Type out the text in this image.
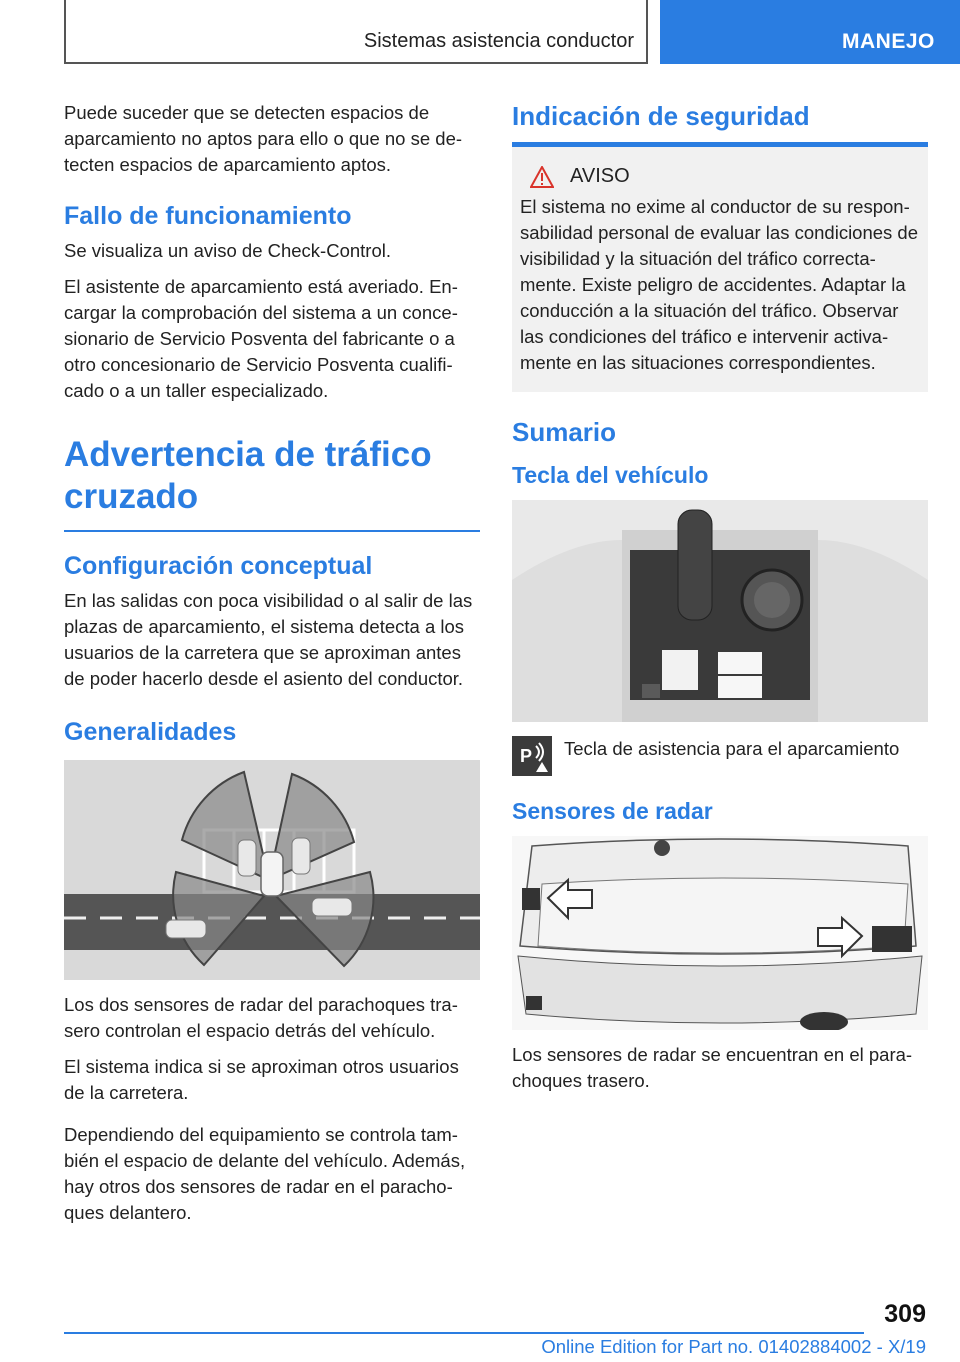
Sistemas asistencia conductor	MANEJO

Puede suceder que se detecten espacios de aparcamiento no aptos para ello o que no se detecten espacios de aparcamiento aptos.

Fallo de funcionamiento

Se visualiza un aviso de Check-Control.

El asistente de aparcamiento está averiado. Encargar la comprobación del sistema a un concesionario de Servicio Posventa del fabricante o a otro concesionario de Servicio Posventa cualificado o a un taller especializado.

Advertencia de tráfico cruzado
Configuración conceptual

En las salidas con poca visibilidad o al salir de las plazas de aparcamiento, el sistema detecta a los usuarios de la carretera que se aproximan antes de poder hacerlo desde el asiento del conductor.

Generalidades

Los dos sensores de radar del parachoques trasero controlan el espacio detrás del vehículo.

El sistema indica si se aproximan otros usuarios de la carretera.

Dependiendo del equipamiento se controla también el espacio de delante del vehículo. Además, hay otros dos sensores de radar en el parachoques delantero.

Indicación de seguridad
AVISO

El sistema no exime al conductor de su responsabilidad personal de evaluar las condiciones de visibilidad y la situación del tráfico correctamente. Existe peligro de accidentes. Adaptar la conducción a la situación del tráfico. Observar las condiciones del tráfico e intervenir activamente en las situaciones correspondientes.

Sumario
Tecla del vehículo
P Tecla de asistencia para el aparcamiento

Sensores de radar

Los sensores de radar se encuentran en el parachoques trasero.

309
Online Edition for Part no. 01402884002 - X/19
